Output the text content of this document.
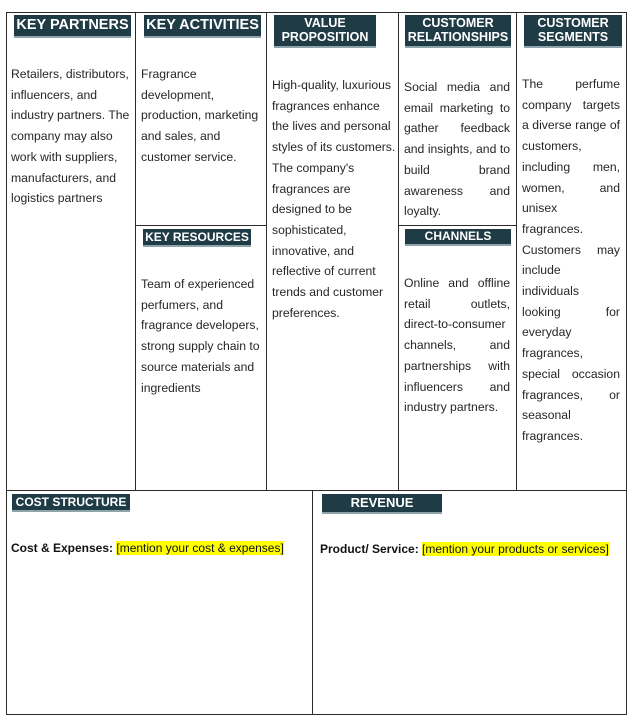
KEY PARTNERS
Retailers, distributors, influencers, and industry partners. The company may also work with suppliers, manufacturers, and logistics partners
KEY ACTIVITIES
Fragrance development, production, marketing and sales, and customer service.
KEY RESOURCES
Team of experienced perfumers, and fragrance developers, strong supply chain to source materials and ingredients
VALUE
PROPOSITION
High-quality, luxurious fragrances enhance the lives and personal styles of its customers. The company's fragrances are designed to be sophisticated, innovative, and reflective of current trends and customer preferences.
CUSTOMER
RELATIONSHIPS
Social media and email marketing to gather feedback and insights, and to build brand awareness and loyalty.
CHANNELS
Online and offline retail outlets, direct-to-consumer channels, and partnerships with influencers and industry partners.
CUSTOMER
SEGMENTS
The perfume company targets a diverse range of customers, including men, women, and unisex fragrances. Customers may include individuals looking for everyday fragrances, special occasion fragrances, or seasonal fragrances.
COST STRUCTURE
Cost & Expenses: [mention your cost & expenses]
REVENUE
Product/ Service: [mention your products or services]
